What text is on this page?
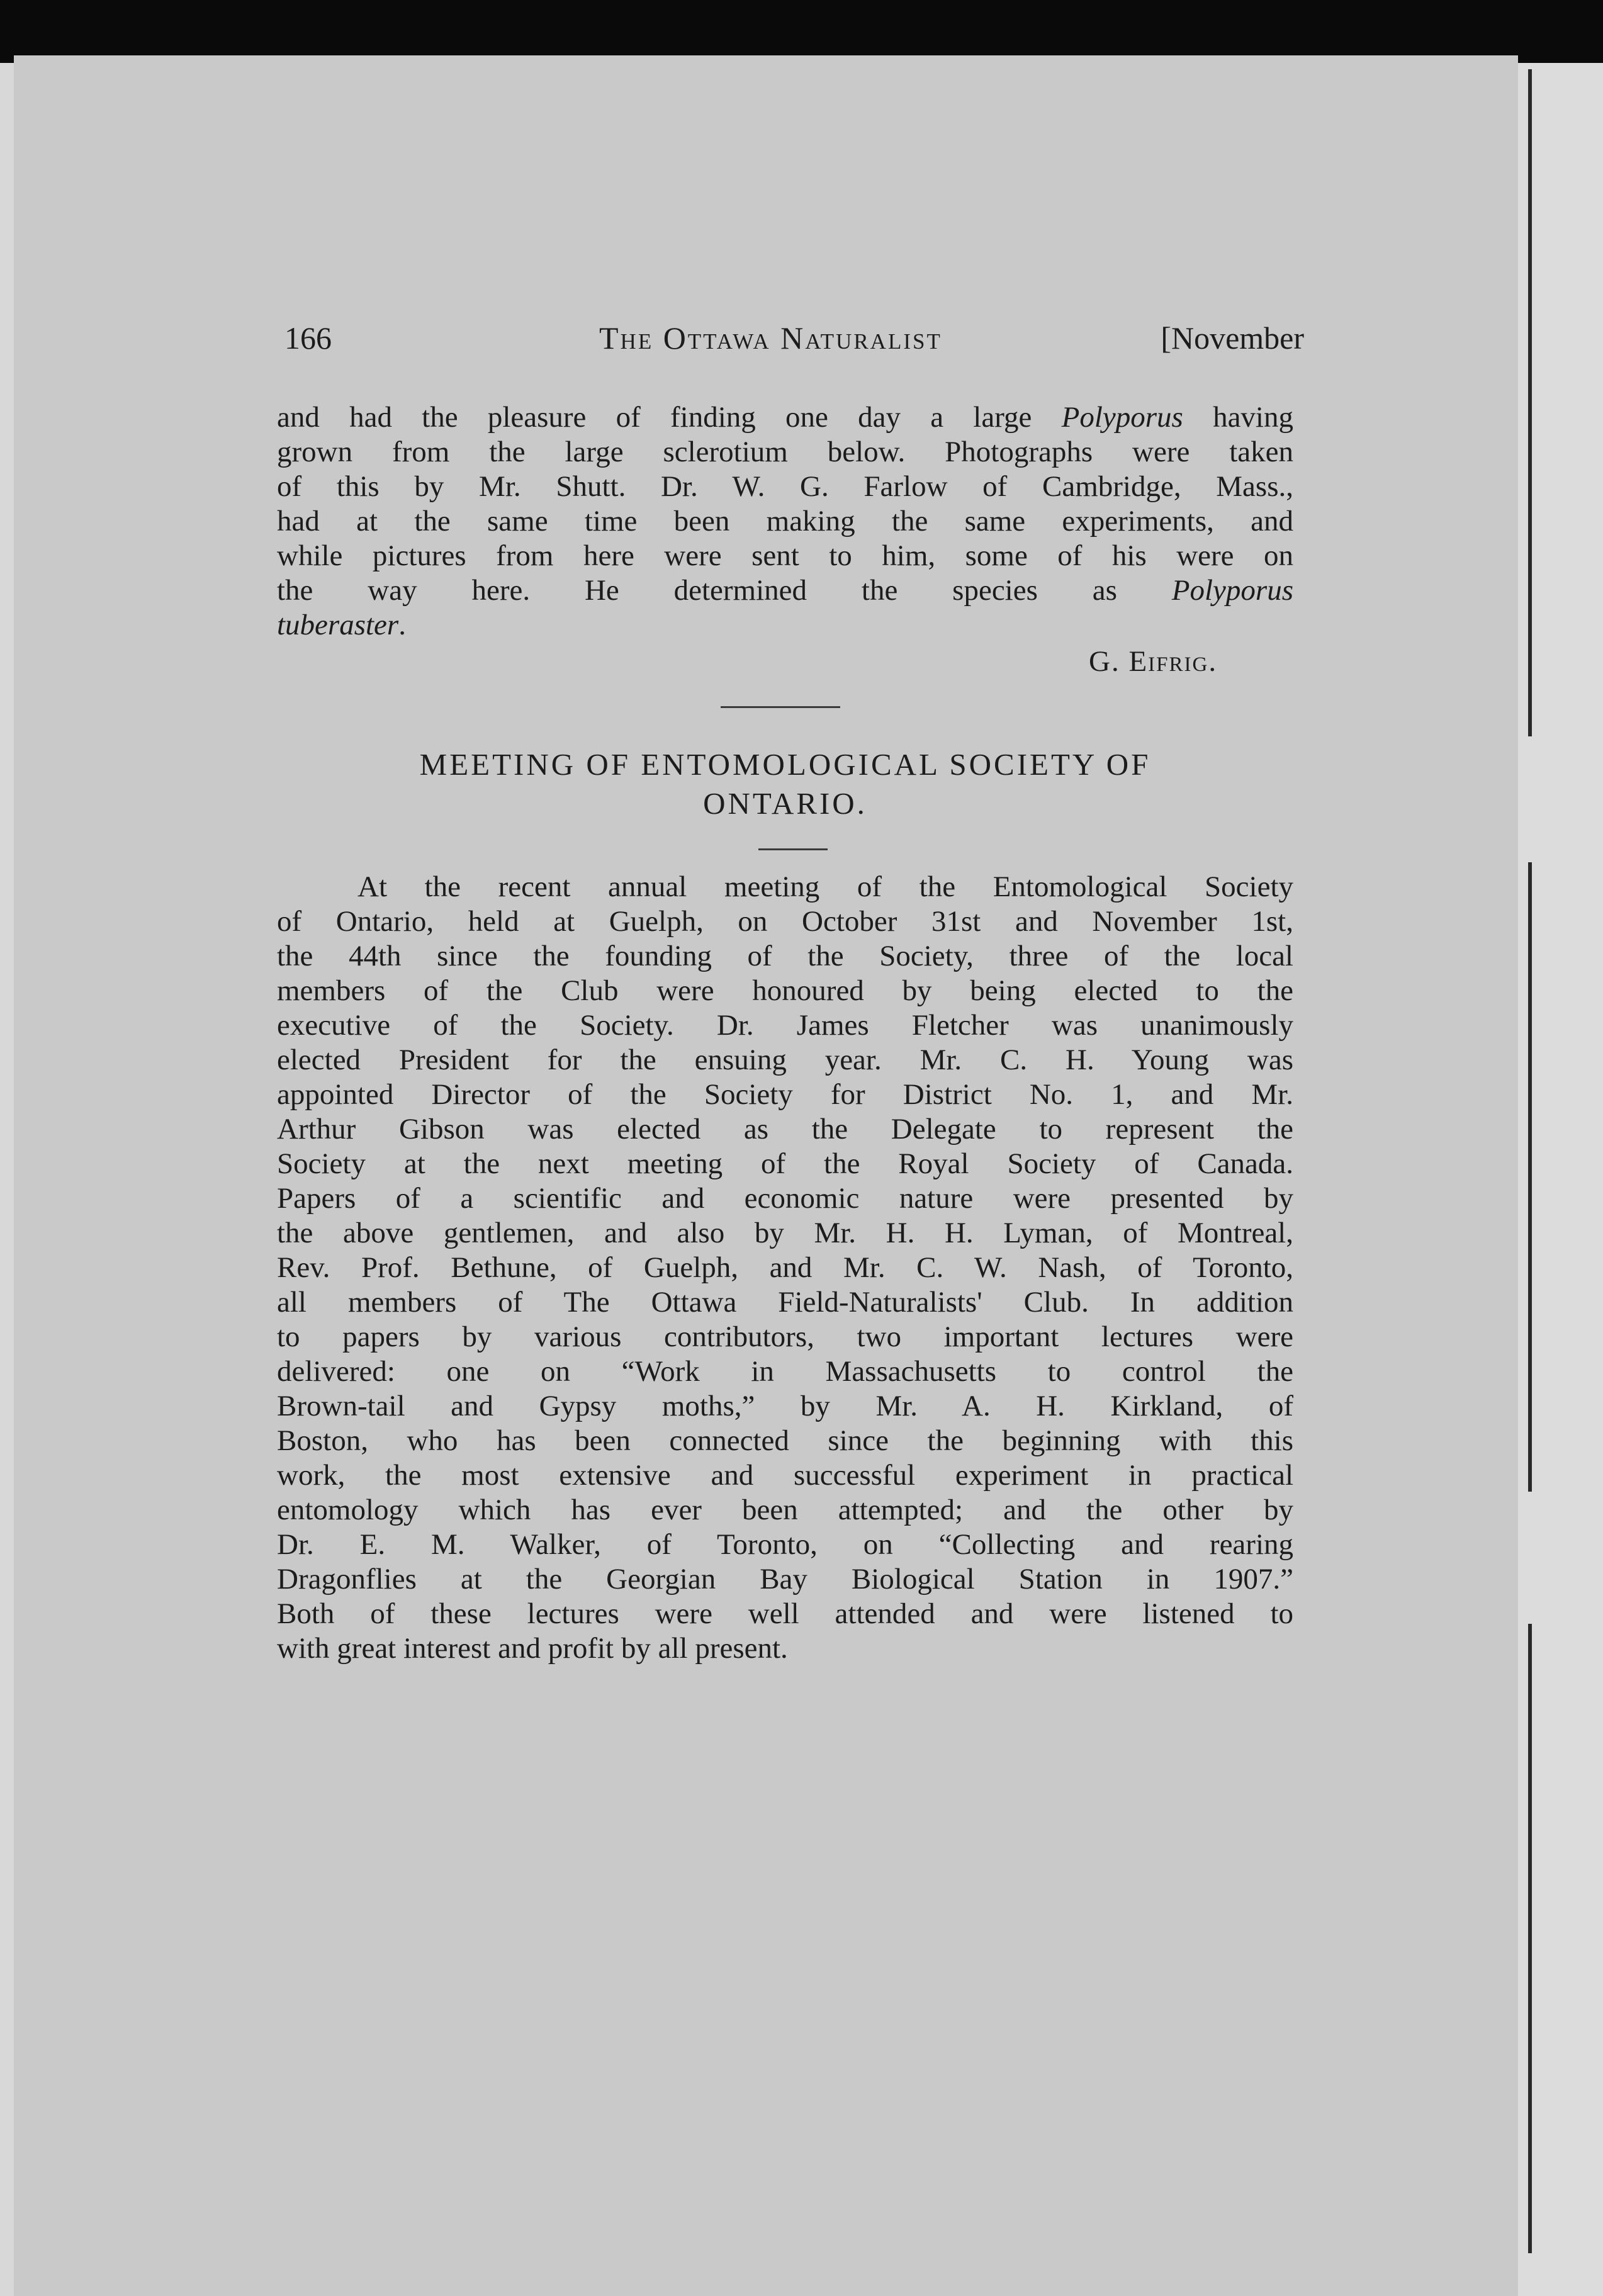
166	The Ottawa Naturalist	[November

and had the pleasure of finding one day a large Polyporus having

grown from the large sclerotium below. Photographs were taken

of this by Mr. Shutt. Dr. W. G. Farlow of Cambridge, Mass.,

had at the same time been making the same experiments, and

while pictures from here were sent to him, some of his were on

the way here. He determined the species as Polyporus

tuberaster.

G. Eifrig.
MEETING OF ENTOMOLOGICAL SOCIETY OF
ONTARIO.

At the recent annual meeting of the Entomological Society

of Ontario, held at Guelph, on October 31st and November 1st,

the 44th since the founding of the Society, three of the local

members of the Club were honoured by being elected to the

executive of the Society. Dr. James Fletcher was unanimously

elected President for the ensuing year. Mr. C. H. Young was

appointed Director of the Society for District No. 1, and Mr.

Arthur Gibson was elected as the Delegate to represent the

Society at the next meeting of the Royal Society of Canada.

Papers of a scientific and economic nature were presented by

the above gentlemen, and also by Mr. H. H. Lyman, of Montreal,

Rev. Prof. Bethune, of Guelph, and Mr. C. W. Nash, of Toronto,

all members of The Ottawa Field-Naturalists' Club. In addition

to papers by various contributors, two important lectures were

delivered: one on “Work in Massachusetts to control the

Brown-tail and Gypsy moths,” by Mr. A. H. Kirkland, of

Boston, who has been connected since the beginning with this

work, the most extensive and successful experiment in practical

entomology which has ever been attempted; and the other by

Dr. E. M. Walker, of Toronto, on “Collecting and rearing

Dragonflies at the Georgian Bay Biological Station in 1907.”

Both of these lectures were well attended and were listened to

with great interest and profit by all present.
